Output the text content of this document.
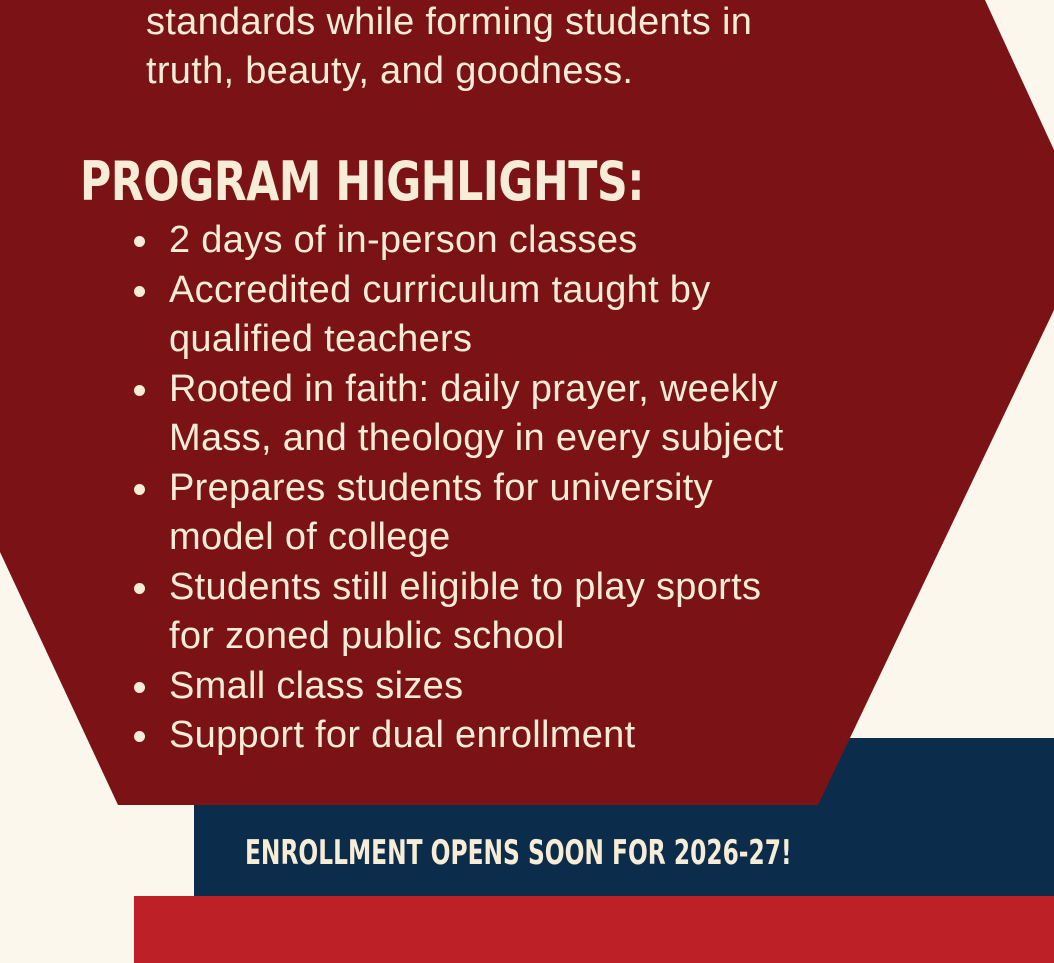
standards while forming students in
truth, beauty, and goodness.

PROGRAM HIGHLIGHTS:
2 days of in-person classes
Accredited curriculum taught by
qualified teachers
Rooted in faith: daily prayer, weekly
Mass, and theology in every subject
Prepares students for university
model of college
Students still eligible to play sports
for zoned public school
Small class sizes
Support for dual enrollment

ENROLLMENT OPENS SOON FOR 2026-27!
